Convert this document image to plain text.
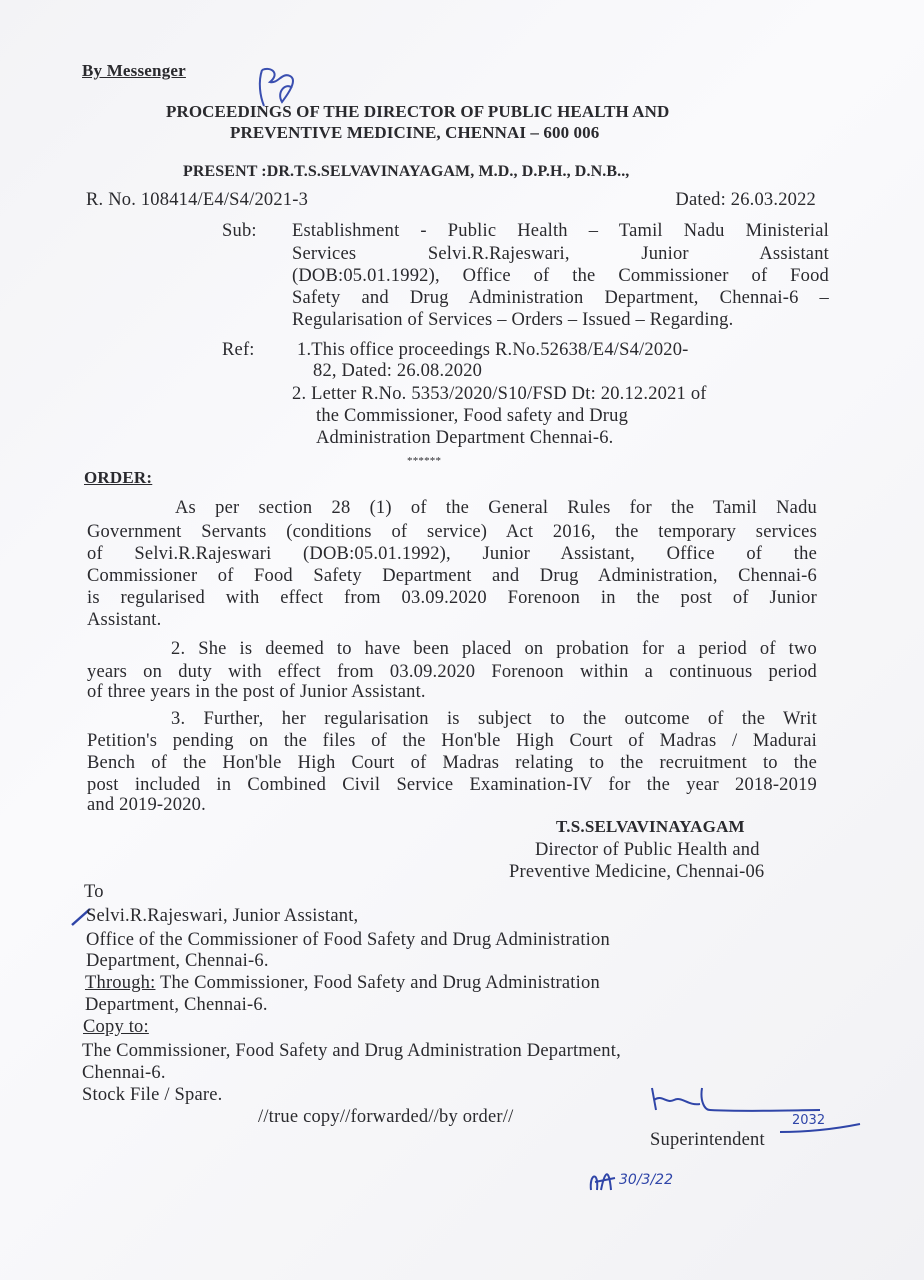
By Messenger
PROCEEDINGS OF THE DIRECTOR OF PUBLIC HEALTH AND
PREVENTIVE MEDICINE, CHENNAI – 600 006
PRESENT :DR.T.S.SELVAVINAYAGAM, M.D., D.P.H., D.N.B..,
R. No. 108414/E4/S4/2021-3	Dated: 26.03.2022
Sub: Establishment - Public Health – Tamil Nadu Ministerial
Services Selvi.R.Rajeswari, Junior Assistant
(DOB:05.01.1992), Office of the Commissioner of Food
Safety and Drug Administration Department, Chennai-6 –
Regularisation of Services – Orders – Issued – Regarding.
Ref: 1.This office proceedings R.No.52638/E4/S4/2020-
82, Dated: 26.08.2020
2. Letter R.No. 5353/2020/S10/FSD Dt: 20.12.2021 of
the Commissioner, Food safety and Drug
Administration Department Chennai-6.
******
ORDER:
As per section 28 (1) of the General Rules for the Tamil Nadu
Government Servants (conditions of service) Act 2016, the temporary services
of Selvi.R.Rajeswari (DOB:05.01.1992), Junior Assistant, Office of the
Commissioner of Food Safety Department and Drug Administration, Chennai-6
is regularised with effect from 03.09.2020 Forenoon in the post of Junior
Assistant.
2. She is deemed to have been placed on probation for a period of two
years on duty with effect from 03.09.2020 Forenoon within a continuous period
of three years in the post of Junior Assistant.
3. Further, her regularisation is subject to the outcome of the Writ
Petition's pending on the files of the Hon'ble High Court of Madras / Madurai
Bench of the Hon'ble High Court of Madras relating to the recruitment to the
post included in Combined Civil Service Examination-IV for the year 2018-2019
and 2019-2020.
T.S.SELVAVINAYAGAM
Director of Public Health and
Preventive Medicine, Chennai-06
To
Selvi.R.Rajeswari, Junior Assistant,
Office of the Commissioner of Food Safety and Drug Administration
Department, Chennai-6.
Through: The Commissioner, Food Safety and Drug Administration
Department, Chennai-6.
Copy to:
The Commissioner, Food Safety and Drug Administration Department,
Chennai-6.
Stock File / Spare.
//true copy//forwarded//by order//	2032
Superintendent
30/3/22
